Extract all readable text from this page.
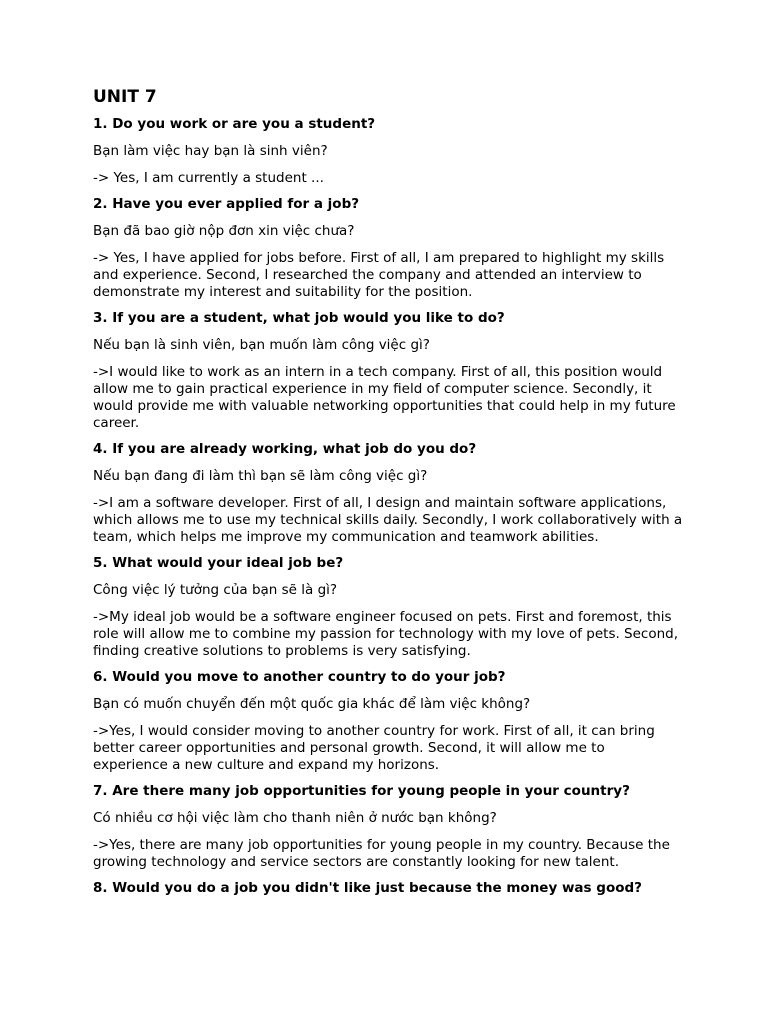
UNIT 7
1. Do you work or are you a student?
Bạn làm việc hay bạn là sinh viên?
-> Yes, I am currently a student ...
2. Have you ever applied for a job?
Bạn đã bao giờ nộp đơn xin việc chưa?
-> Yes, I have applied for jobs before. First of all, I am prepared to highlight my skills and experience. Second, I researched the company and attended an interview to demonstrate my interest and suitability for the position.
3. If you are a student, what job would you like to do?
Nếu bạn là sinh viên, bạn muốn làm công việc gì?
->I would like to work as an intern in a tech company. First of all, this position would allow me to gain practical experience in my field of computer science. Secondly, it would provide me with valuable networking opportunities that could help in my future career.
4. If you are already working, what job do you do?
Nếu bạn đang đi làm thì bạn sẽ làm công việc gì?
->I am a software developer. First of all, I design and maintain software applications, which allows me to use my technical skills daily. Secondly, I work collaboratively with a team, which helps me improve my communication and teamwork abilities.
5. What would your ideal job be?
Công việc lý tưởng của bạn sẽ là gì?
->My ideal job would be a software engineer focused on pets. First and foremost, this role will allow me to combine my passion for technology with my love of pets. Second, finding creative solutions to problems is very satisfying.
6. Would you move to another country to do your job?
Bạn có muốn chuyển đến một quốc gia khác để làm việc không?
->Yes, I would consider moving to another country for work. First of all, it can bring better career opportunities and personal growth. Second, it will allow me to experience a new culture and expand my horizons.
7. Are there many job opportunities for young people in your country?
Có nhiều cơ hội việc làm cho thanh niên ở nước bạn không?
->Yes, there are many job opportunities for young people in my country. Because the growing technology and service sectors are constantly looking for new talent.
8. Would you do a job you didn't like just because the money was good?
